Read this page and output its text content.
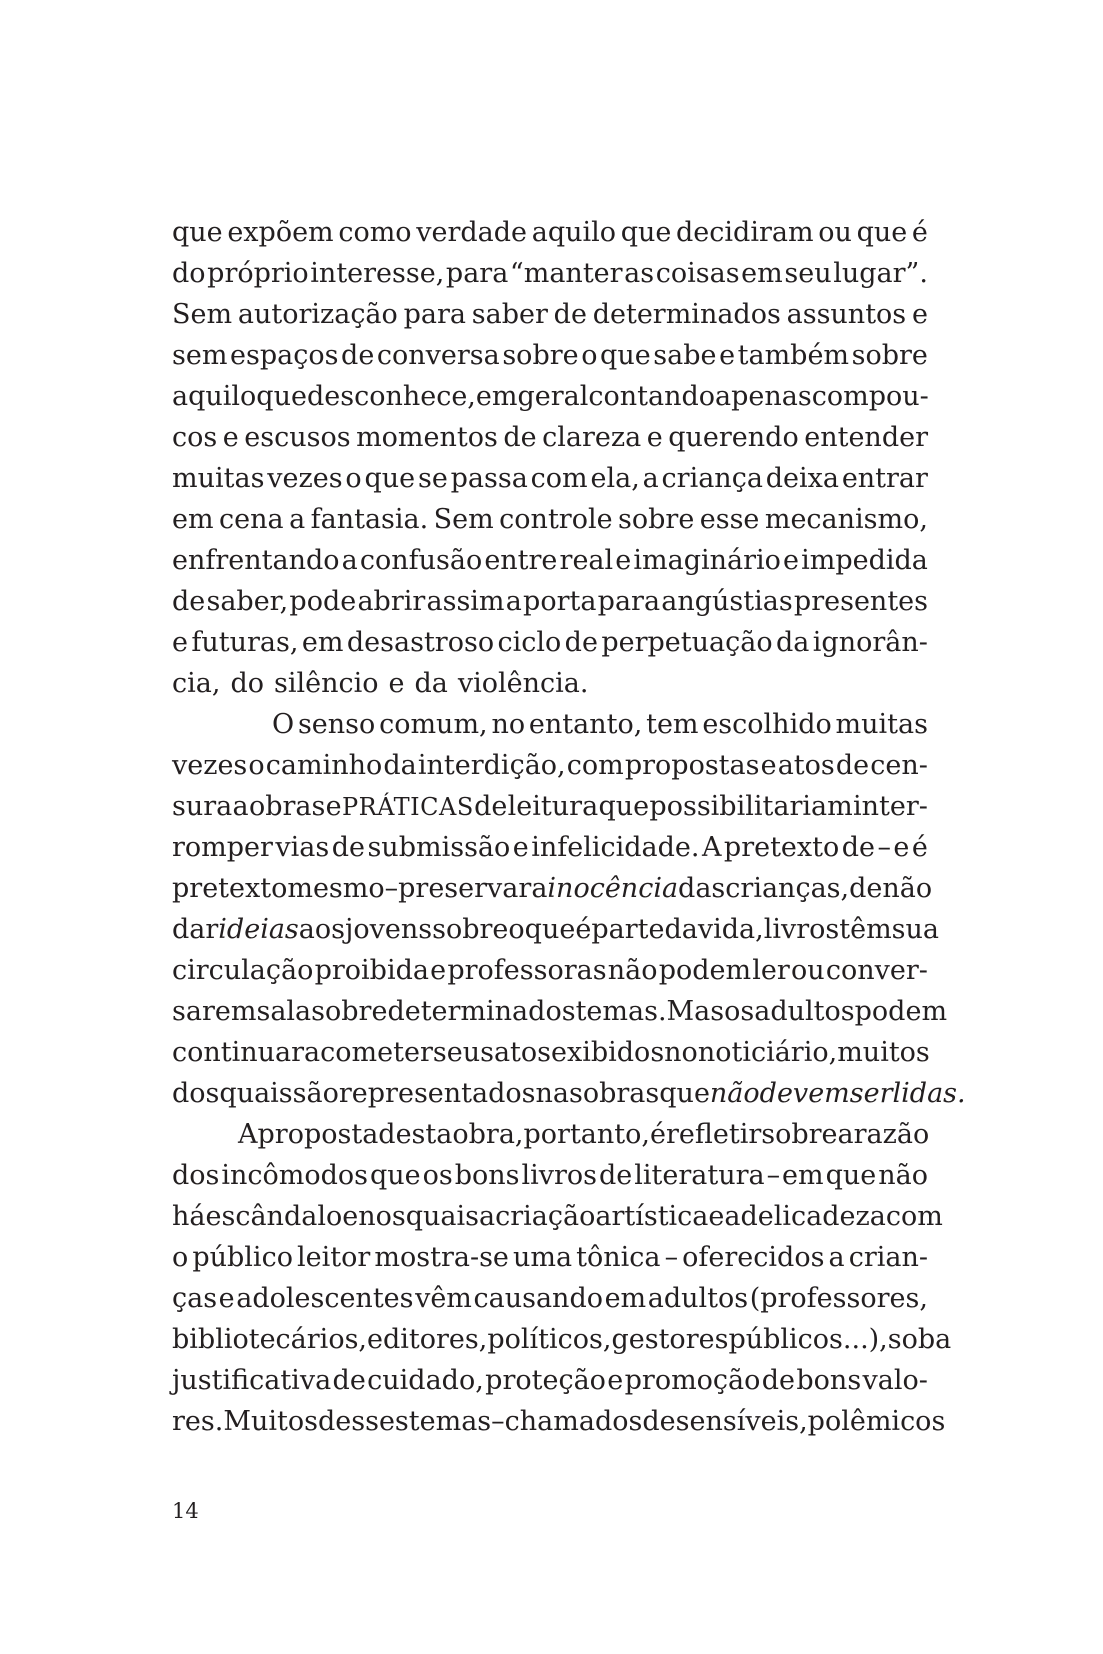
que expõem como verdade aquilo que decidiram ou que é
do próprio interesse, para “manter as coisas em seu lugar”.
Sem autorização para saber de determinados assuntos e
sem espaços de conversa sobre o que sabe e também sobre
aquilo que desconhece, em geral contando apenas com pou-
cos e escusos momentos de clareza e querendo entender
muitas vezes o que se passa com ela, a criança deixa entrar
em cena a fantasia. Sem controle sobre esse mecanismo,
enfrentando a confusão entre real e imaginário e impedida
de saber, pode abrir assim a porta para angústias presentes
e futuras, em desastroso ciclo de perpetuação da ignorân-
cia, do silêncio e da violência.
O senso comum, no entanto, tem escolhido muitas
vezes o caminho da interdição, com propostas e atos de cen-
sura a obras e PRÁTICAS de leitura que possibilitariam inter-
romper vias de submissão e infelicidade. A pretexto de – e é
pretexto mesmo – preservar a inocência das crianças, de não
dar ideias aos jovens sobre o que é parte da vida, livros têm sua
circulação proibida e professoras não podem ler ou conver-
sar em sala sobre determinados temas. Mas os adultos podem
continuar a cometer seus atos exibidos no noticiário, muitos
dos quais são representados nas obras que não devem ser lidas.
A proposta desta obra, portanto, é refletir sobre a razão
dos incômodos que os bons livros de literatura – em que não
há escândalo e nos quais a criação artística e a delicadeza com
o público leitor mostra-se uma tônica – oferecidos a crian-
ças e adolescentes vêm causando em adultos (professores,
bibliotecários, editores, políticos, gestores públicos...), sob a
justificativa de cuidado, proteção e promoção de bons valo-
res. Muitos desses temas – chamados de sensíveis, polêmicos
14
